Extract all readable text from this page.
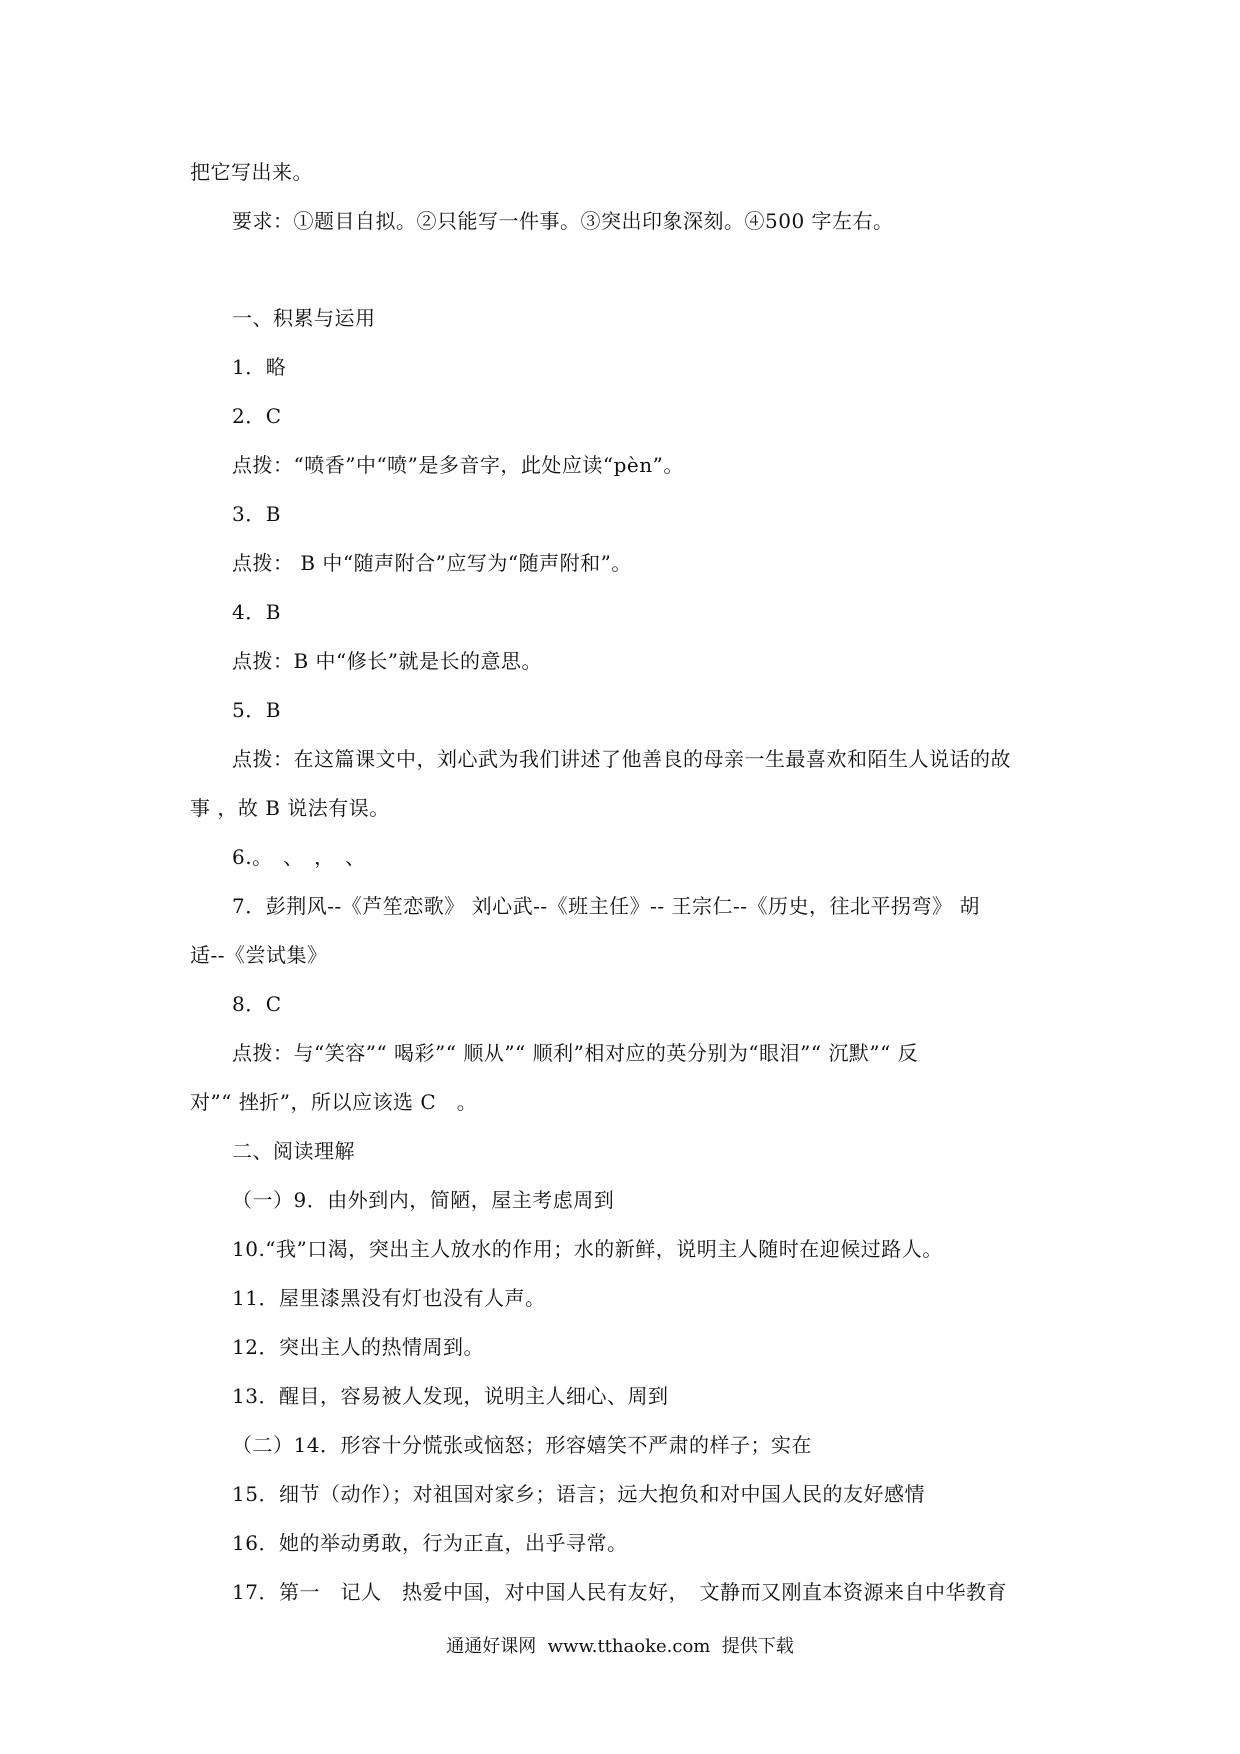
把它写出来。
要求：①题目自拟。②只能写一件事。③突出印象深刻。④500 字左右。
一、积累与运用
1．略
2．C
点拨：“喷香”中“喷”是多音字，此处应读“pèn”。
3．B
点拨： B 中“随声附合”应写为“随声附和”。
4．B
点拨：B 中“修长”就是长的意思。
5．B
点拨：在这篇课文中，刘心武为我们讲述了他善良的母亲一生最喜欢和陌生人说话的故
事 ，故 B 说法有误。
6.。　、　，　、
7．彭荆风--《芦笙恋歌》 刘心武--《班主任》-- 王宗仁--《历史，往北平拐弯》 胡
适--《尝试集》
8．C
点拨：与“笑容”“ 喝彩”“ 顺从”“ 顺利”相对应的英分别为“眼泪”“ 沉默”“ 反
对”“ 挫折”，所以应该选 C　。
二、阅读理解
（一）9．由外到内，简陋，屋主考虑周到
10.“我”口渴，突出主人放水的作用；水的新鲜，说明主人随时在迎候过路人。
11．屋里漆黑没有灯也没有人声。
12．突出主人的热情周到。
13．醒目，容易被人发现，说明主人细心、周到
（二）14．形容十分慌张或恼怒；形容嬉笑不严肃的样子；实在
15．细节（动作）；对祖国对家乡；语言；远大抱负和对中国人民的友好感情
16．她的举动勇敢，行为正直，出乎寻常。
17．第一　记人　热爱中国，对中国人民有友好，　文静而又刚直本资源来自中华教育
通通好课网  www.tthaoke.com  提供下载
